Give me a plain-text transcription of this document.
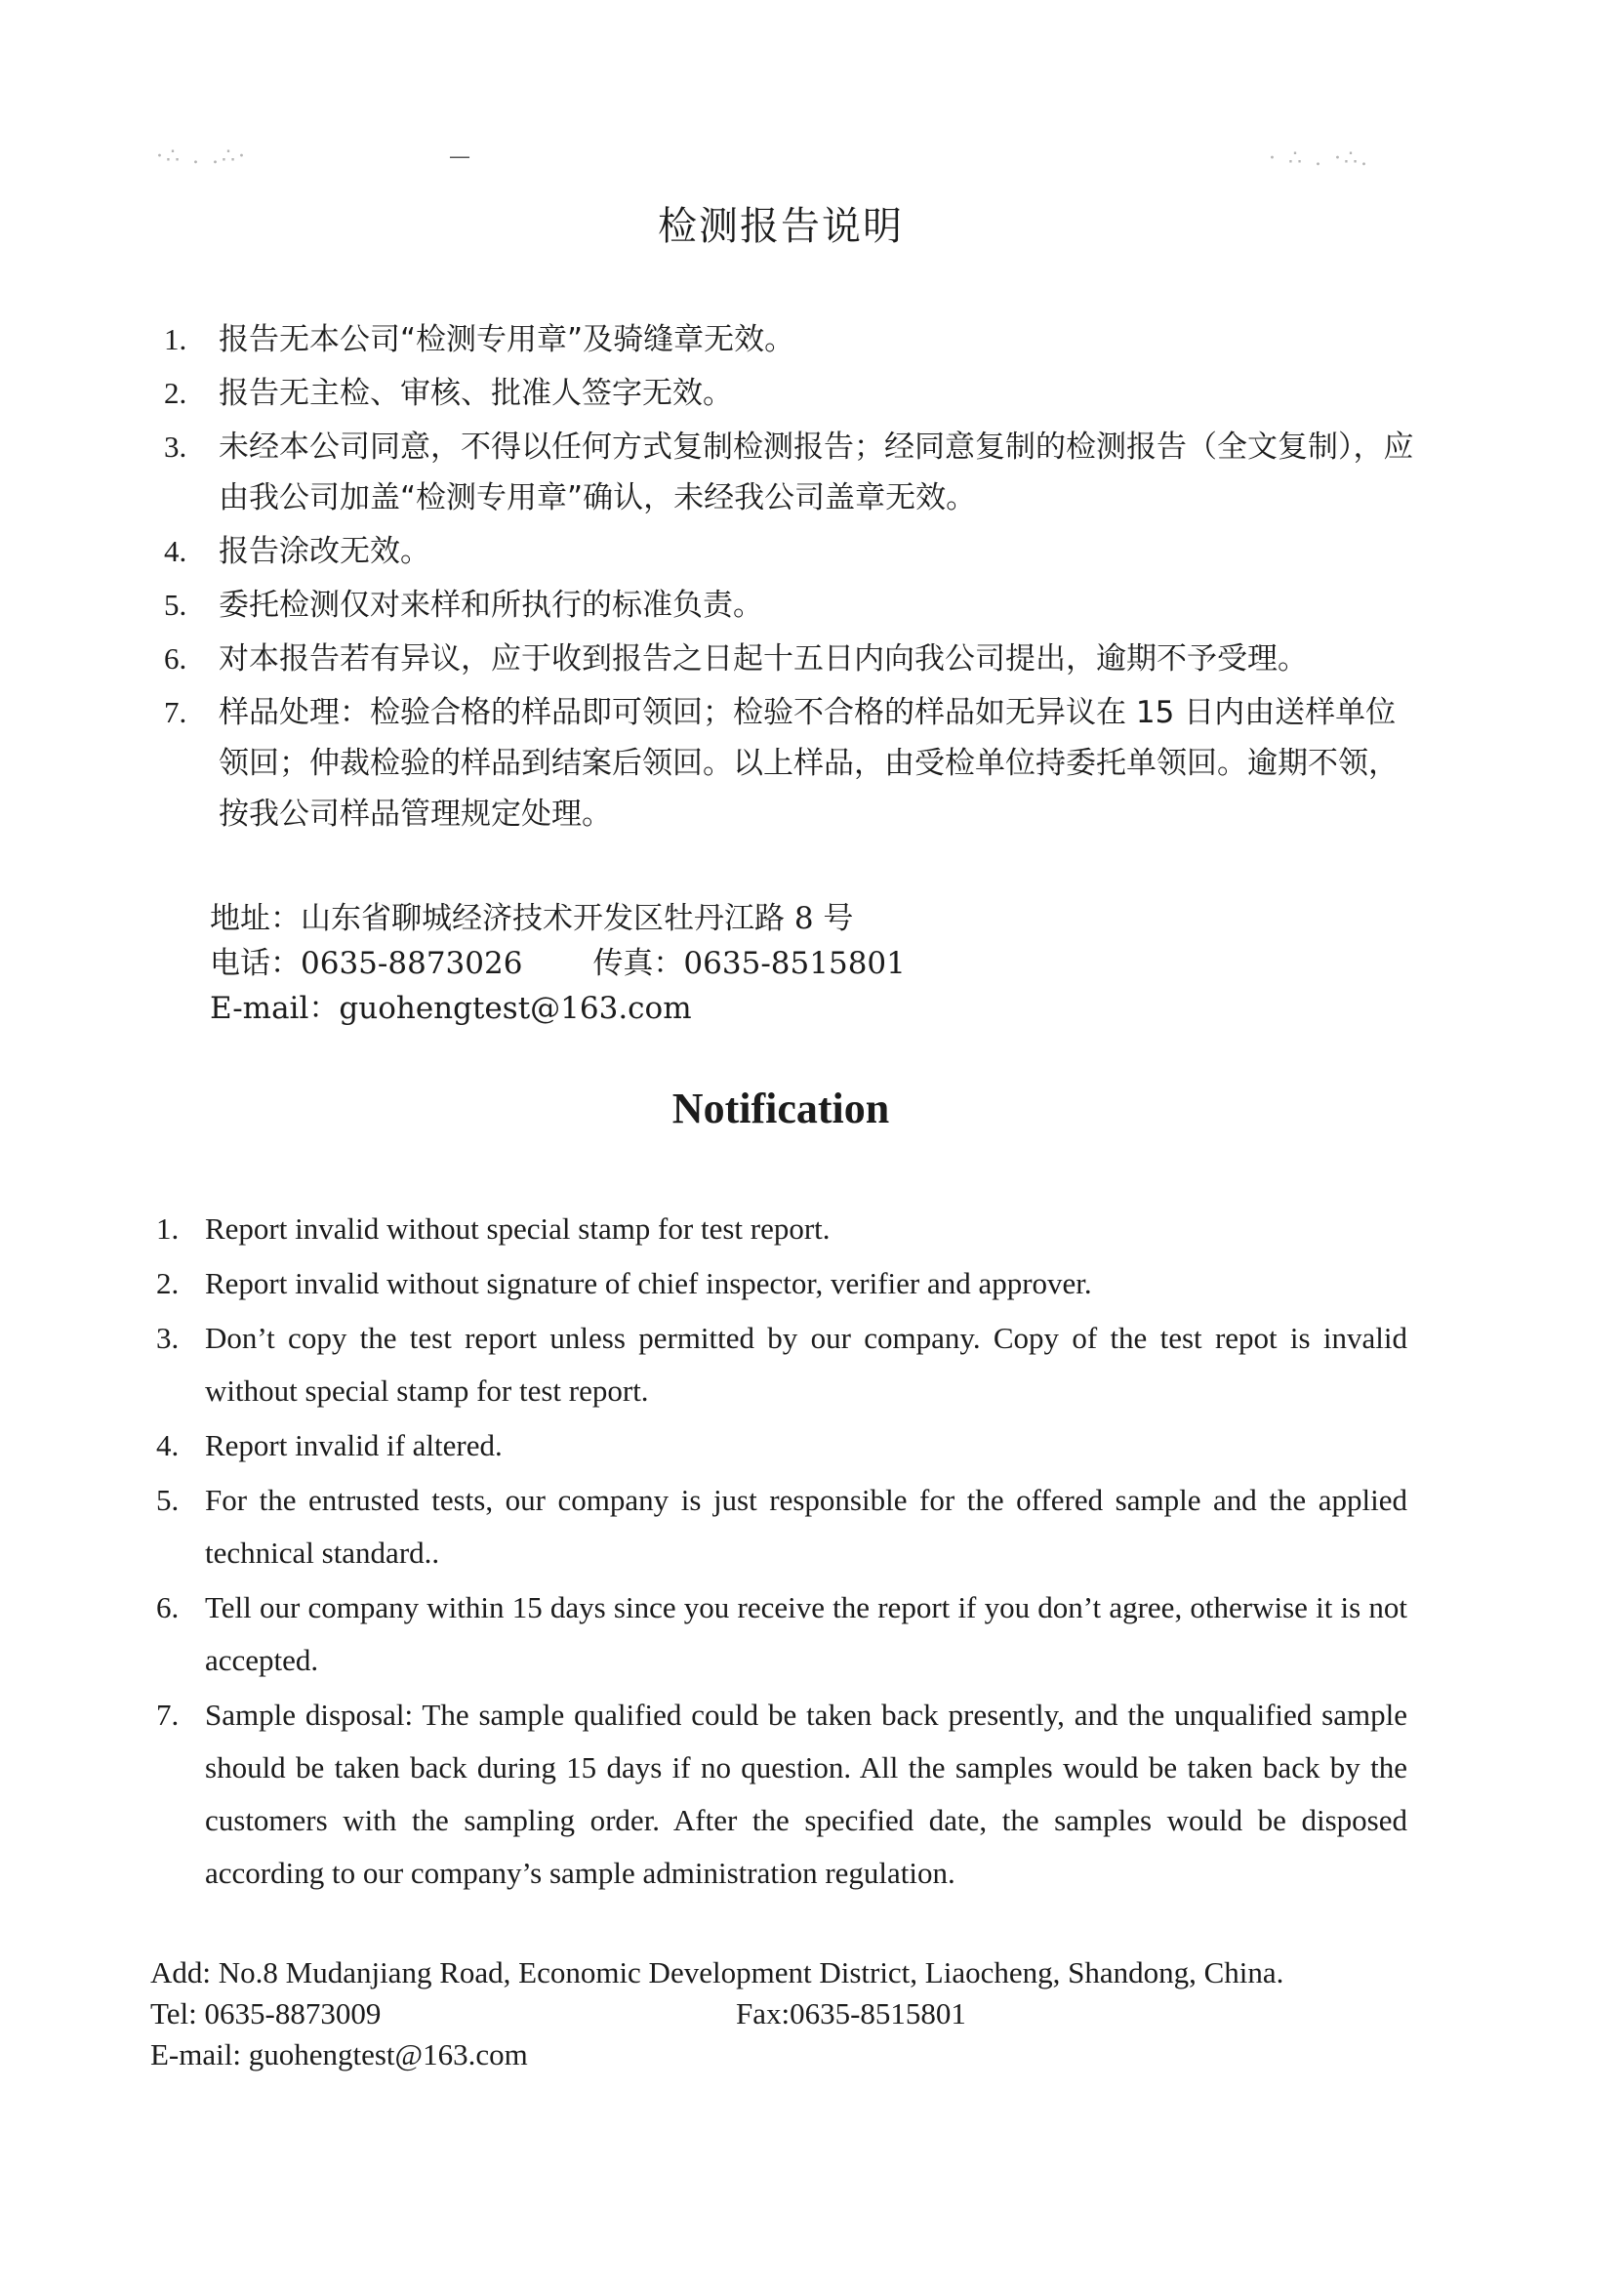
·∴ . .∴·	· ∴ . ·∴.
—
检测报告说明
1. 报告无本公司“检测专用章”及骑缝章无效。
2. 报告无主检、审核、批准人签字无效。
3. 未经本公司同意，不得以任何方式复制检测报告；经同意复制的检测报告（全文复制），应由我公司加盖“检测专用章”确认，未经我公司盖章无效。
4. 报告涂改无效。
5. 委托检测仅对来样和所执行的标准负责。
6. 对本报告若有异议，应于收到报告之日起十五日内向我公司提出，逾期不予受理。
7. 样品处理：检验合格的样品即可领回；检验不合格的样品如无异议在 15 日内由送样单位领回；仲裁检验的样品到结案后领回。以上样品，由受检单位持委托单领回。逾期不领，按我公司样品管理规定处理。
地址：山东省聊城经济技术开发区牡丹江路 8 号
电话：0635-8873026 传真：0635-8515801
E-mail：guohengtest@163.com
Notification
1. Report invalid without special stamp for test report.
2. Report invalid without signature of chief inspector, verifier and approver.
3. Don’t copy the test report unless permitted by our company. Copy of the test repot is invalid without special stamp for test report.
4. Report invalid if altered.
5. For the entrusted tests, our company is just responsible for the offered sample and the applied technical standard..
6. Tell our company within 15 days since you receive the report if you don’t agree, otherwise it is not accepted.
7. Sample disposal: The sample qualified could be taken back presently, and the unqualified sample should be taken back during 15 days if no question. All the samples would be taken back by the customers with the sampling order. After the specified date, the samples would be disposed according to our company’s sample administration regulation.
Add: No.8 Mudanjiang Road, Economic Development District, Liaocheng, Shandong, China.
Tel: 0635-8873009	Fax:0635-8515801
E-mail: guohengtest@163.com
